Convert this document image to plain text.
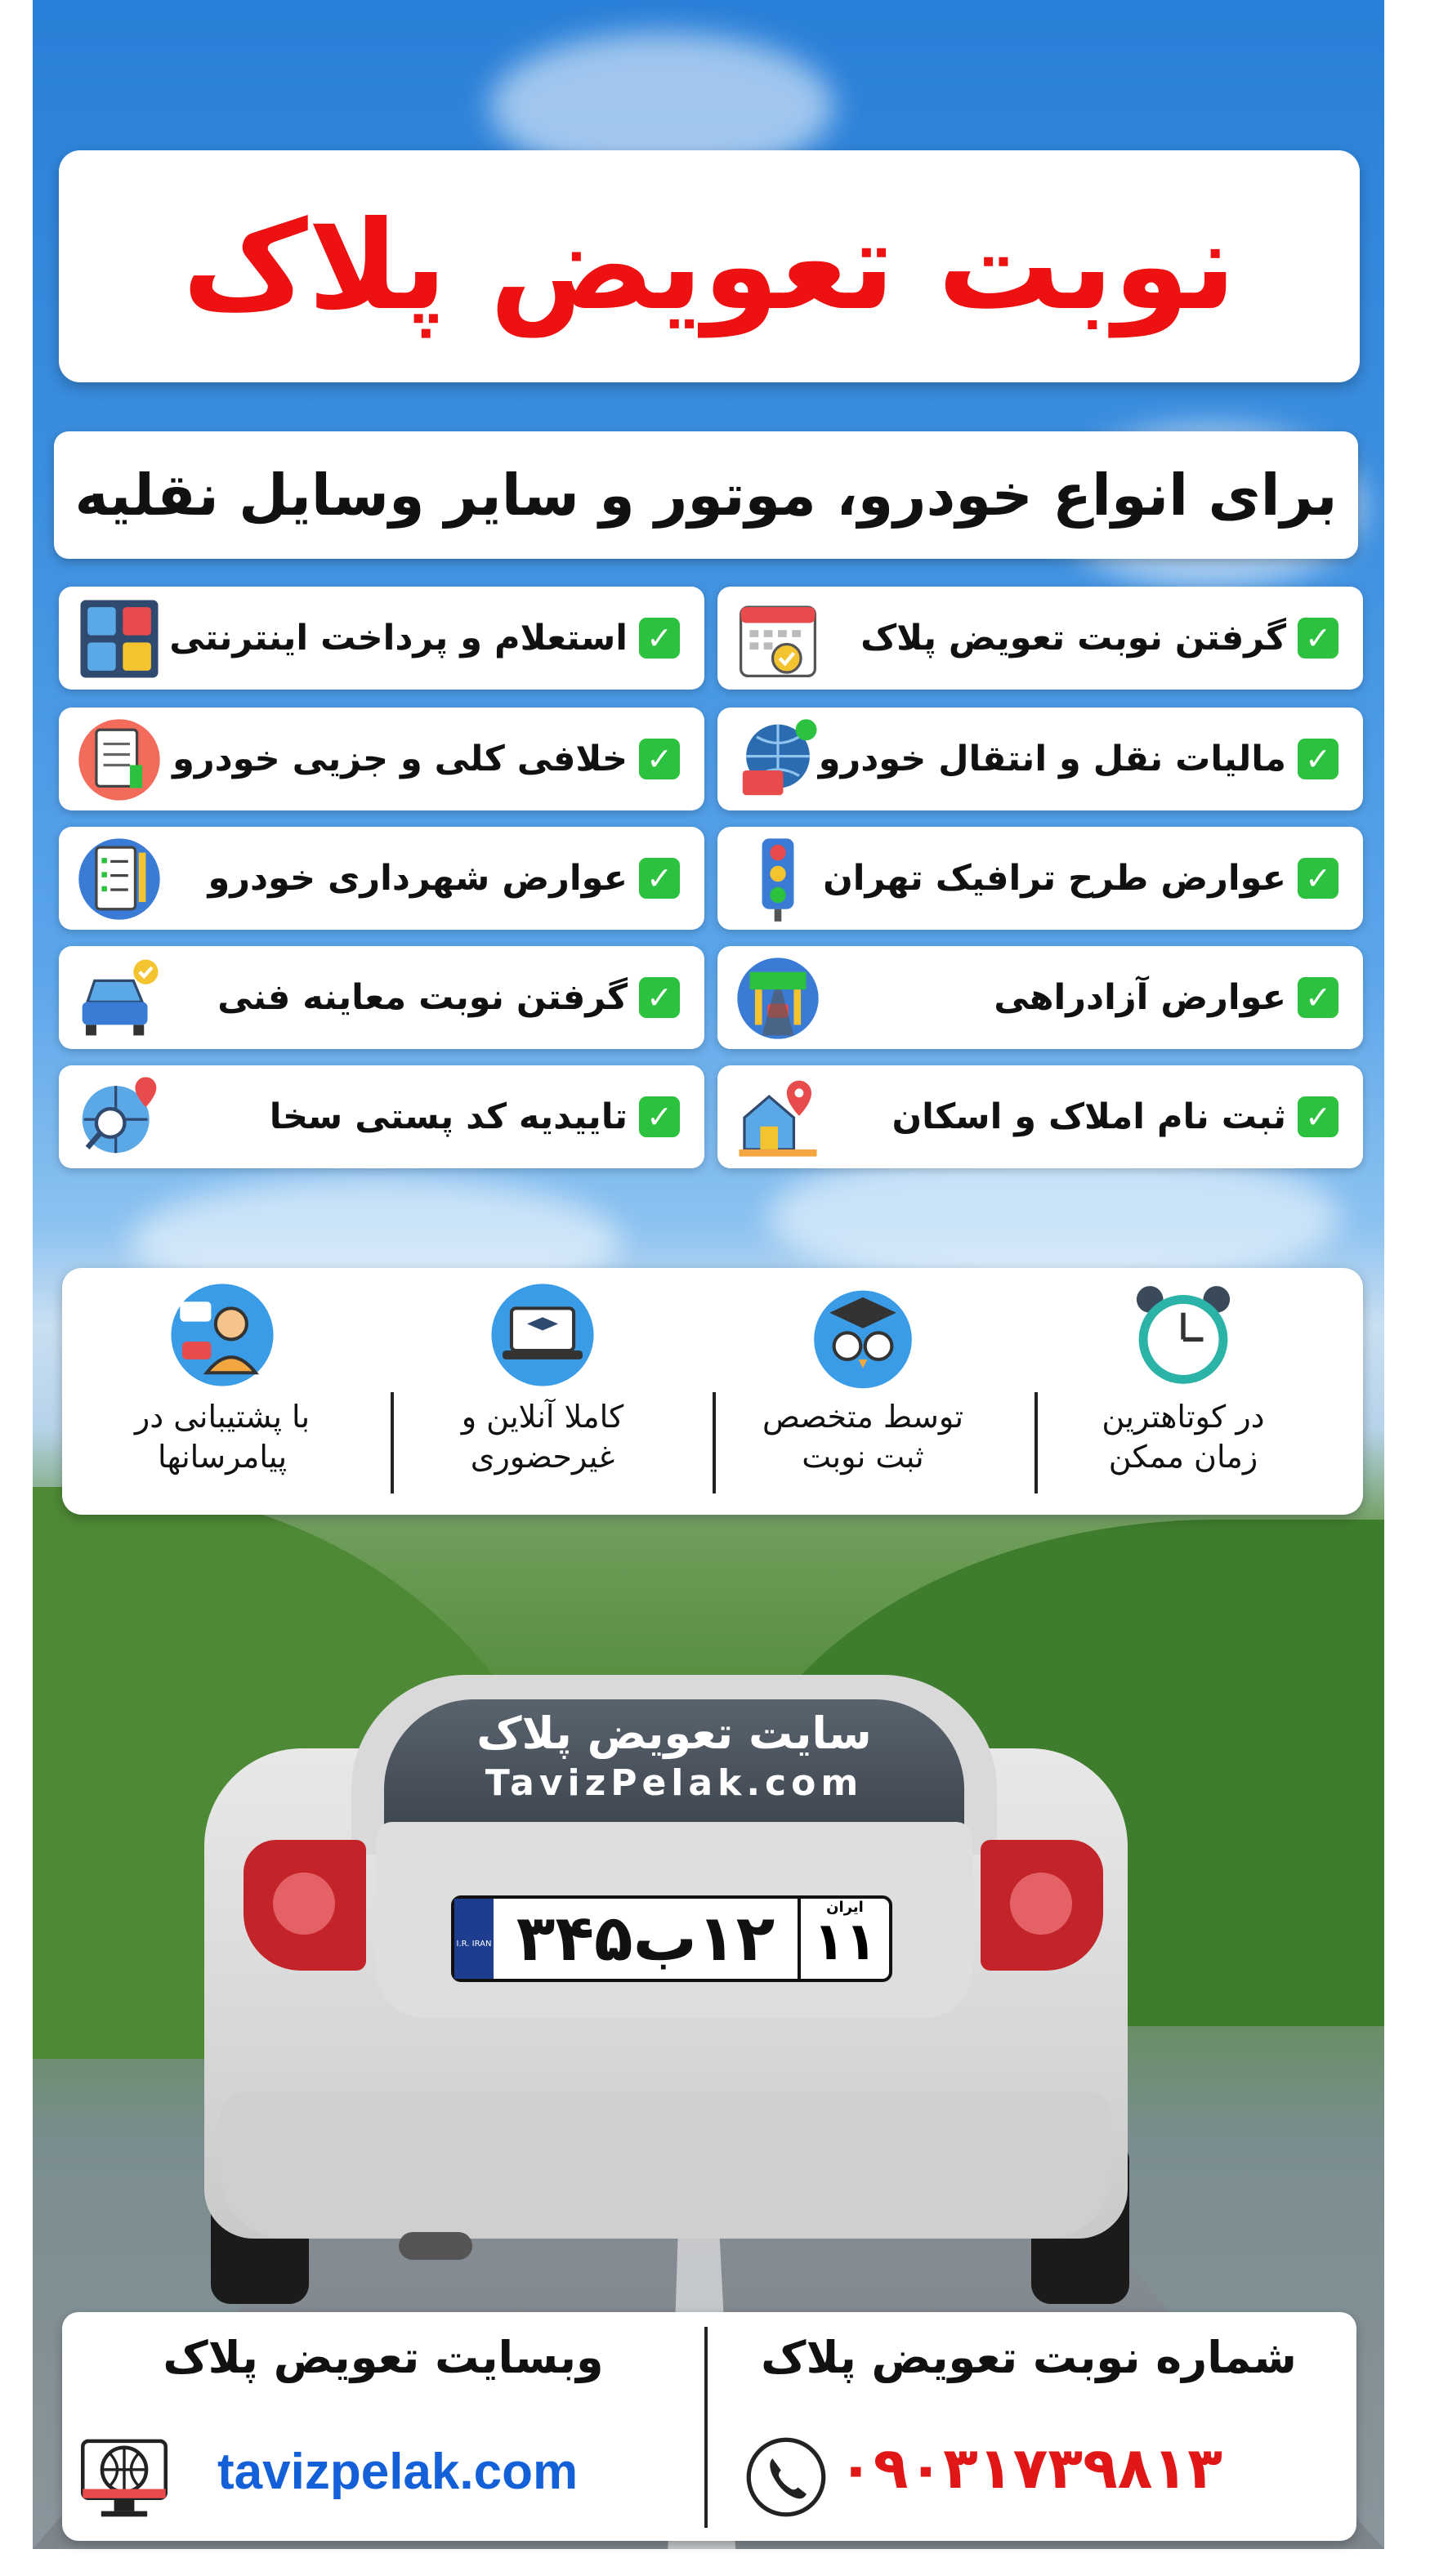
نوبت تعویض پلاک
برای انواع خودرو، موتور و سایر وسایل نقلیه
✓
گرفتن نوبت تعویض پلاک
✓
استعلام و پرداخت اینترنتی
✓
مالیات نقل و انتقال خودرو
✓
خلافی کلی و جزیی خودرو
✓
عوارض طرح ترافیک تهران
✓
عوارض شهرداری خودرو
✓
عوارض آزادراهی
✓
گرفتن نوبت معاینه فنی
✓
ثبت نام املاک و اسکان
✓
تاییدیه کد پستی سخا
در کوتاهترین
زمان ممکن
توسط متخصص
ثبت نوبت
کاملا آنلاین و
غیرحضوری
با پشتیبانی در
پیامرسانها
سایت تعویض پلاک
TavizPelak.com
I.R. IRAN ۱۲ب۳۴۵	ایران
۱۱
شماره نوبت تعویض پلاک
وبسایت تعویض پلاک
۰۹۰۳۱۷۳۹۸۱۳
tavizpelak.com
